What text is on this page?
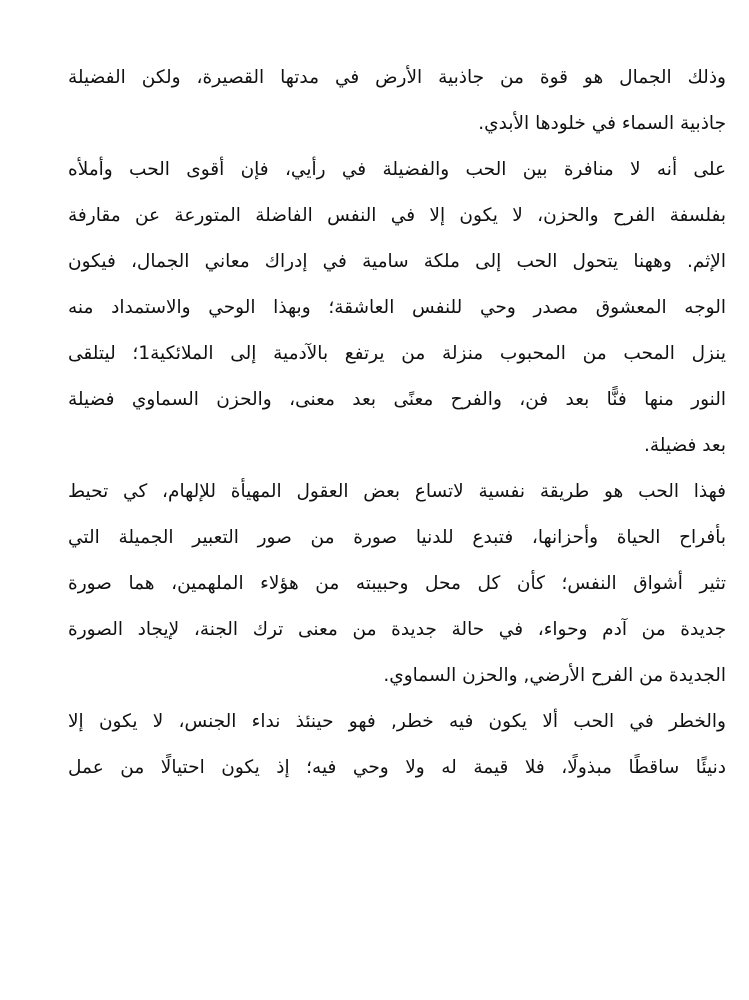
وذلك الجمال هو قوة من جاذبية الأرض في مدتها القصيرة، ولكن الفضيلة
جاذبية السماء في خلودها الأبدي.
على أنه لا منافرة بين الحب والفضيلة في رأيي، فإن أقوى الحب وأملأه
بفلسفة الفرح والحزن، لا يكون إلا في النفس الفاضلة المتورعة عن مقارفة
الإثم. وههنا يتحول الحب إلى ملكة سامية في إدراك معاني الجمال، فيكون
الوجه المعشوق مصدر وحي للنفس العاشقة؛ وبهذا الوحي والاستمداد منه
ينزل المحب من المحبوب منزلة من يرتفع بالآدمية إلى الملائكية1؛ ليتلقى
النور منها فنًّا بعد فن، والفرح معنًى بعد معنى، والحزن السماوي فضيلة
بعد فضيلة.
فهذا الحب هو طريقة نفسية لاتساع بعض العقول المهيأة للإلهام، كي تحيط
بأفراح الحياة وأحزانها، فتبدع للدنيا صورة من صور التعبير الجميلة التي
تثير أشواق النفس؛ كأن كل محل وحبيبته من هؤلاء الملهمين، هما صورة
جديدة من آدم وحواء، في حالة جديدة من معنى ترك الجنة، لإيجاد الصورة
الجديدة من الفرح الأرضي, والحزن السماوي.
والخطر في الحب ألا يكون فيه خطر, فهو حينئذ نداء الجنس، لا يكون إلا
دنيئًا ساقطًا مبذولًا، فلا قيمة له ولا وحي فيه؛ إذ يكون احتيالًا من عمل
